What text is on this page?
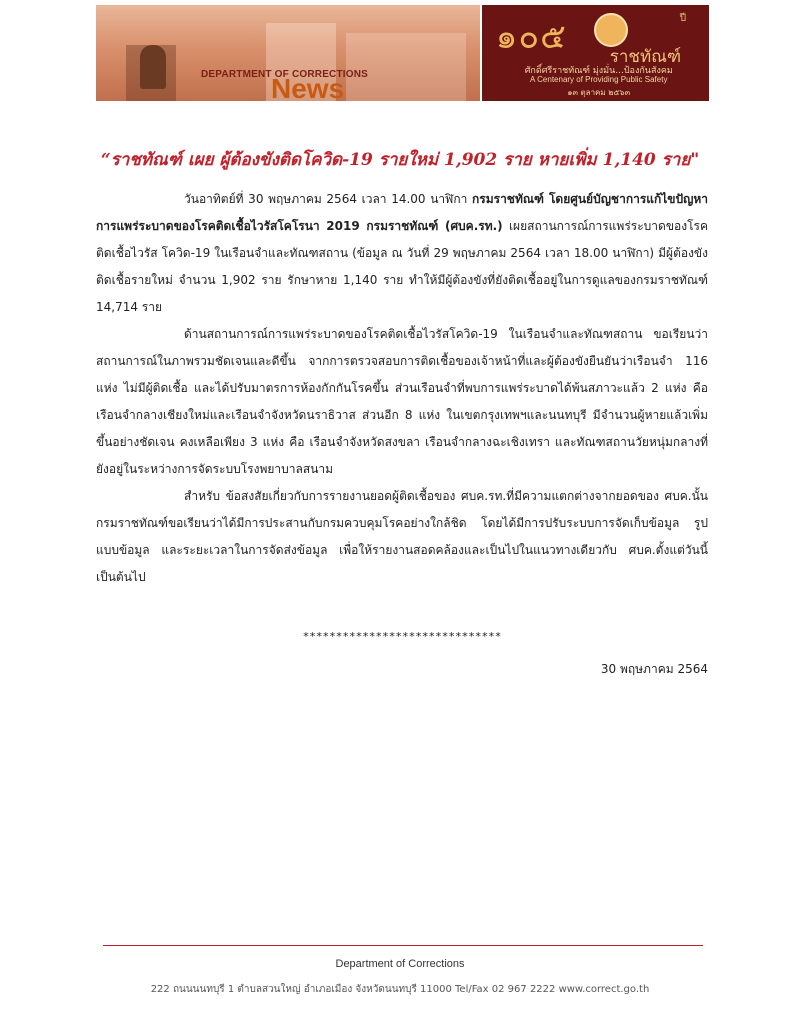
DEPARTMENT OF CORRECTIONS
News
๑๐๕	ปี
ราชทัณฑ์
ศักดิ์ศรีราชทัณฑ์ มุ่งมั่น...ป้องกันสังคม
A Centenary of Providing Public Safety
๑๓ ตุลาคม ๒๕๖๓
“ราชทัณฑ์ เผย ผู้ต้องขังติดโควิด-19 รายใหม่ 1,902 ราย หายเพิ่ม 1,140 ราย"

วันอาทิตย์ที่ 30 พฤษภาคม 2564 เวลา 14.00 นาฬิกา กรมราชทัณฑ์ โดยศูนย์บัญชาการแก้ไขปัญหาการแพร่ระบาดของโรคติดเชื้อไวรัสโคโรนา 2019 กรมราชทัณฑ์ (ศบค.รท.) เผยสถานการณ์การแพร่ระบาดของโรคติดเชื้อไวรัส โควิด-19 ในเรือนจำและทัณฑสถาน (ข้อมูล ณ วันที่ 29 พฤษภาคม 2564 เวลา 18.00 นาฬิกา) มีผู้ต้องขังติดเชื้อรายใหม่ จำนวน 1,902 ราย รักษาหาย 1,140 ราย ทำให้มีผู้ต้องขังที่ยังติดเชื้ออยู่ในการดูแลของกรมราชทัณฑ์ 14,714 ราย

ด้านสถานการณ์การแพร่ระบาดของโรคติดเชื้อไวรัสโควิด-19 ในเรือนจำและทัณฑสถาน ขอเรียนว่าสถานการณ์ในภาพรวมชัดเจนและดีขึ้น จากการตรวจสอบการติดเชื้อของเจ้าหน้าที่และผู้ต้องขังยืนยันว่าเรือนจำ 116 แห่ง ไม่มีผู้ติดเชื้อ และได้ปรับมาตรการห้องกักกันโรคขึ้น ส่วนเรือนจำที่พบการแพร่ระบาดได้พ้นสภาวะแล้ว 2 แห่ง คือ เรือนจำกลางเชียงใหม่และเรือนจำจังหวัดนราธิวาส ส่วนอีก 8 แห่ง ในเขตกรุงเทพฯและนนทบุรี มีจำนวนผู้หายแล้วเพิ่มขึ้นอย่างชัดเจน คงเหลือเพียง 3 แห่ง คือ เรือนจำจังหวัดสงขลา เรือนจำกลางฉะเชิงเทรา และทัณฑสถานวัยหนุ่มกลางที่ยังอยู่ในระหว่างการจัดระบบโรงพยาบาลสนาม

สำหรับ ข้อสงสัยเกี่ยวกับการรายงานยอดผู้ติดเชื้อของ ศบค.รท.ที่มีความแตกต่างจากยอดของ ศบค.นั้น กรมราชทัณฑ์ขอเรียนว่าได้มีการประสานกับกรมควบคุมโรคอย่างใกล้ชิด โดยได้มีการปรับระบบการจัดเก็บข้อมูล รูปแบบข้อมูล และระยะเวลาในการจัดส่งข้อมูล เพื่อให้รายงานสอดคล้องและเป็นไปในแนวทางเดียวกับ ศบค.ตั้งแต่วันนี้เป็นต้นไป

******************************
30 พฤษภาคม 2564
Department of Corrections
222 ถนนนนทบุรี 1 ตำบลสวนใหญ่ อำเภอเมือง จังหวัดนนทบุรี 11000 Tel/Fax 02 967 2222 www.correct.go.th
